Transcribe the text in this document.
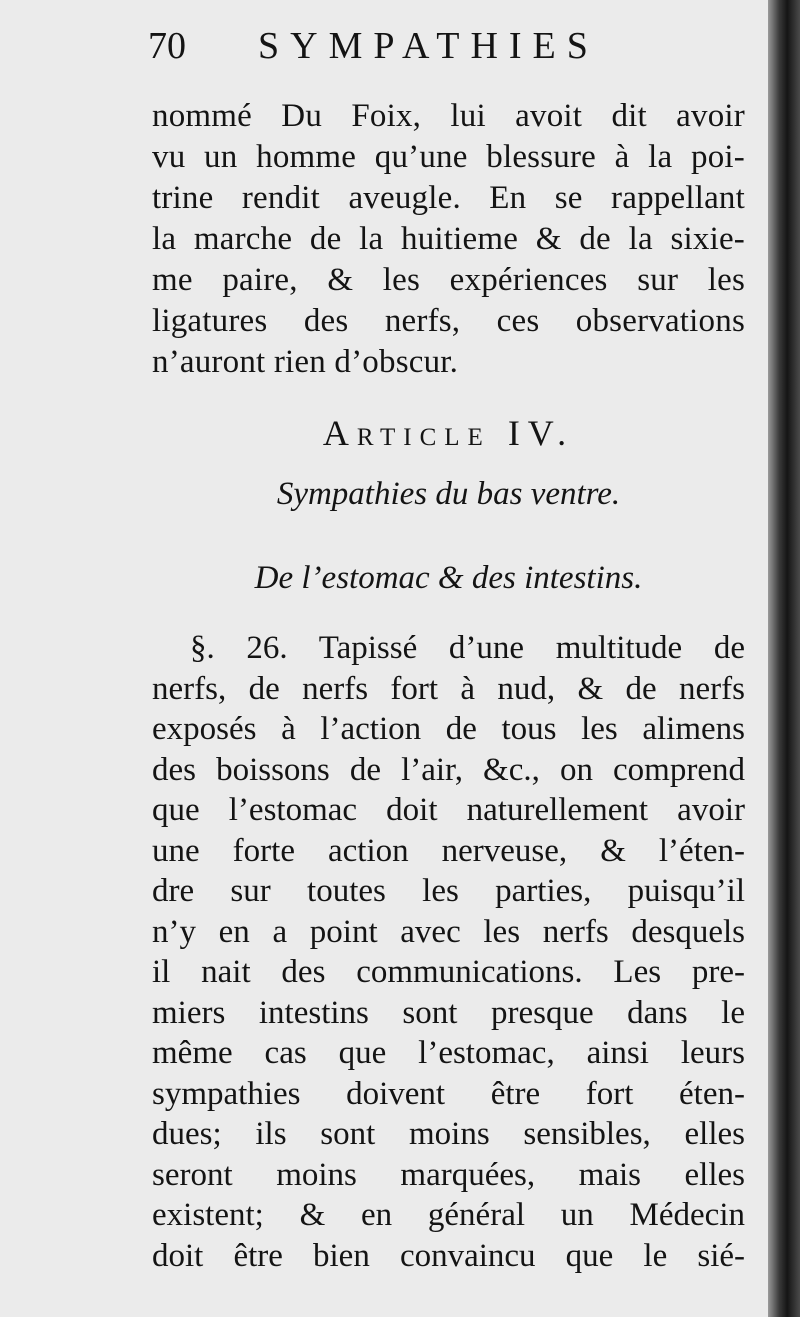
70 SYMPATHIES
nommé Du Foix, lui avoit dit avoir
vu un homme qu’une blessure à la poi-
trine rendit aveugle. En se rappellant
la marche de la huitieme & de la sixie-
me paire, & les expériences sur les
ligatures des nerfs, ces observations
n’auront rien d’obscur.
Article IV.
Sympathies du bas ventre.
De l’estomac & des intestins.
§. 26. Tapissé d’une multitude de
nerfs, de nerfs fort à nud, & de nerfs
exposés à l’action de tous les alimens
des boissons de l’air, &c., on comprend
que l’estomac doit naturellement avoir
une forte action nerveuse, & l’éten-
dre sur toutes les parties, puisqu’il
n’y en a point avec les nerfs desquels
il nait des communications. Les pre-
miers intestins sont presque dans le
même cas que l’estomac, ainsi leurs
sympathies doivent être fort éten-
dues; ils sont moins sensibles, elles
seront moins marquées, mais elles
existent; & en général un Médecin
doit être bien convaincu que le sié-
